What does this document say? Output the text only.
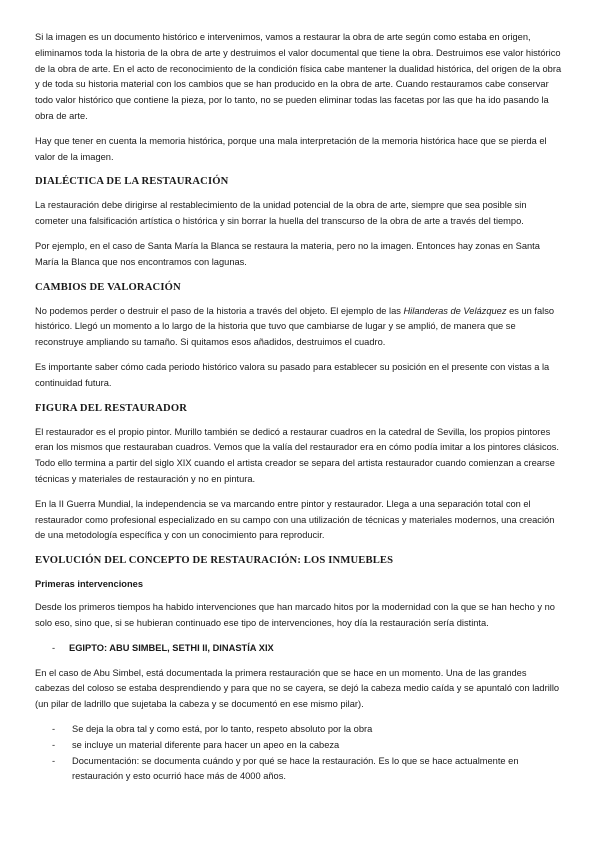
Si la imagen es un documento histórico e intervenimos, vamos a restaurar la obra de arte según como estaba en origen, eliminamos toda la historia de la obra de arte y destruimos el valor documental que tiene la obra. Destruimos ese valor histórico de la obra de arte. En el acto de reconocimiento de la condición física cabe mantener la dualidad histórica, del origen de la obra y de toda su historia material con los cambios que se han producido en la obra de arte. Cuando restauramos cabe conservar todo valor histórico que contiene la pieza, por lo tanto, no se pueden eliminar todas las facetas por las que ha ido pasando la obra de arte.

Hay que tener en cuenta la memoria histórica, porque una mala interpretación de la memoria histórica hace que se pierda el valor de la imagen.

DIALÉCTICA DE LA RESTAURACIÓN

La restauración debe dirigirse al restablecimiento de la unidad potencial de la obra de arte, siempre que sea posible sin cometer una falsificación artística o histórica y sin borrar la huella del transcurso de la obra de arte a través del tiempo.

Por ejemplo, en el caso de Santa María la Blanca se restaura la materia, pero no la imagen. Entonces hay zonas en Santa María la Blanca que nos encontramos con lagunas.

CAMBIOS DE VALORACIÓN

No podemos perder o destruir el paso de la historia a través del objeto. El ejemplo de las Hilanderas de Velázquez es un falso histórico. Llegó un momento a lo largo de la historia que tuvo que cambiarse de lugar y se amplió, de manera que se reconstruye ampliando su tamaño. Si quitamos esos añadidos, destruimos el cuadro.

Es importante saber cómo cada periodo histórico valora su pasado para establecer su posición en el presente con vistas a la continuidad futura.

FIGURA DEL RESTAURADOR

El restaurador es el propio pintor. Murillo también se dedicó a restaurar cuadros en la catedral de Sevilla, los propios pintores eran los mismos que restauraban cuadros. Vemos que la valía del restaurador era en cómo podía imitar a los pintores clásicos. Todo ello termina a partir del siglo XIX cuando el artista creador se separa del artista restaurador cuando comienzan a crearse técnicas y materiales de restauración y no en pintura.

En la II Guerra Mundial, la independencia se va marcando entre pintor y restaurador. Llega a una separación total con el restaurador como profesional especializado en su campo con una utilización de técnicas y materiales modernos, una creación de una metodología específica y con un conocimiento para reproducir.

EVOLUCIÓN DEL CONCEPTO DE RESTAURACIÓN: LOS INMUEBLES
Primeras intervenciones

Desde los primeros tiempos ha habido intervenciones que han marcado hitos por la modernidad con la que se han hecho y no solo eso, sino que, si se hubieran continuado ese tipo de intervenciones, hoy día la restauración sería distinta.

-	EGIPTO: ABU SIMBEL, SETHI II, DINASTÍA XIX

En el caso de Abu Simbel, está documentada la primera restauración que se hace en un momento. Una de las grandes cabezas del coloso se estaba desprendiendo y para que no se cayera, se dejó la cabeza medio caída y se apuntaló con ladrillo (un pilar de ladrillo que sujetaba la cabeza y se documentó en ese mismo pilar).

-	Se deja la obra tal y como está, por lo tanto, respeto absoluto por la obra
-	se incluye un material diferente para hacer un apeo en la cabeza
-	Documentación: se documenta cuándo y por qué se hace la restauración. Es lo que se hace actualmente en restauración y esto ocurrió hace más de 4000 años.
